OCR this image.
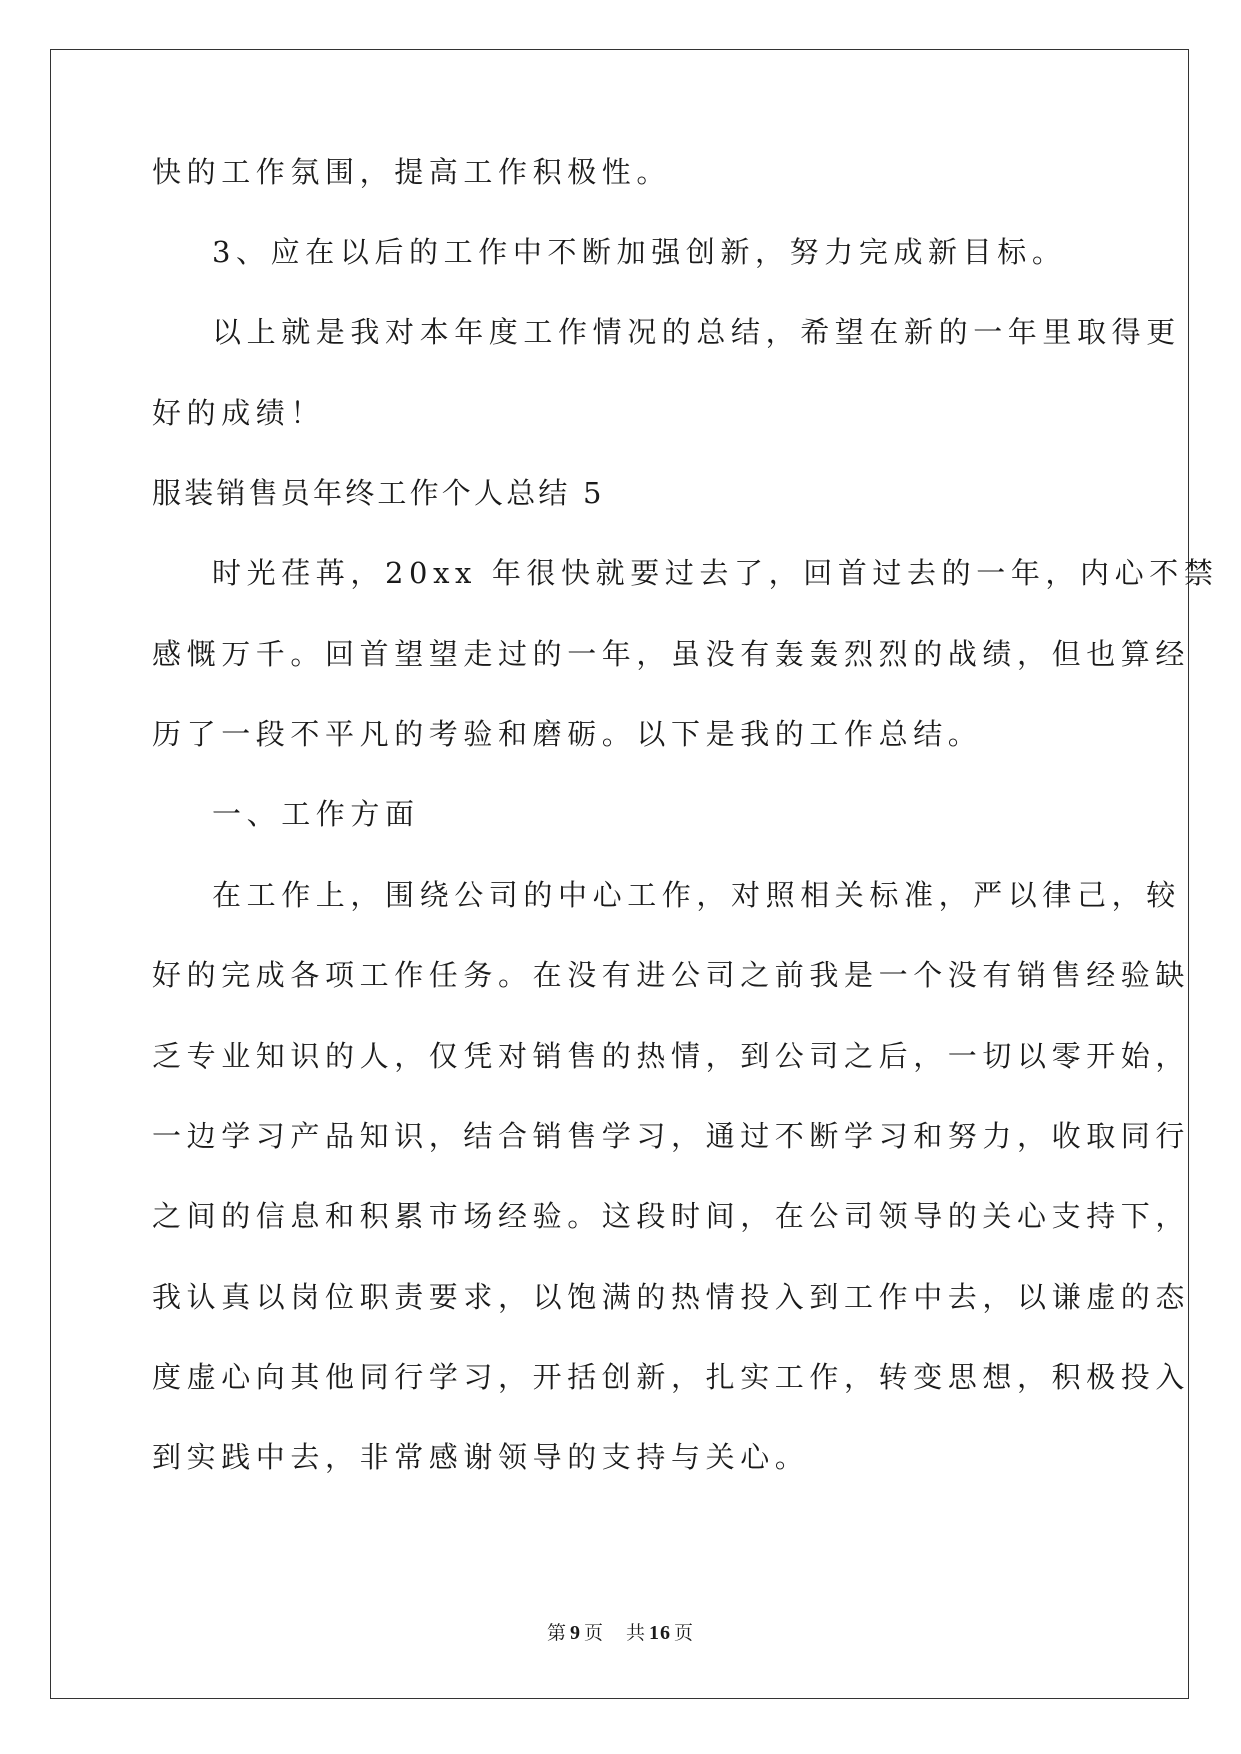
快的工作氛围，提高工作积极性。
3、应在以后的工作中不断加强创新，努力完成新目标。
以上就是我对本年度工作情况的总结，希望在新的一年里取得更
好的成绩！
服装销售员年终工作个人总结 5
时光荏苒，20xx 年很快就要过去了，回首过去的一年，内心不禁
感慨万千。回首望望走过的一年，虽没有轰轰烈烈的战绩，但也算经
历了一段不平凡的考验和磨砺。以下是我的工作总结。
一、工作方面
在工作上，围绕公司的中心工作，对照相关标准，严以律己，较
好的完成各项工作任务。在没有进公司之前我是一个没有销售经验缺
乏专业知识的人，仅凭对销售的热情，到公司之后，一切以零开始，
一边学习产品知识，结合销售学习，通过不断学习和努力，收取同行
之间的信息和积累市场经验。这段时间，在公司领导的关心支持下，
我认真以岗位职责要求，以饱满的热情投入到工作中去，以谦虚的态
度虚心向其他同行学习，开括创新，扎实工作，转变思想，积极投入
到实践中去，非常感谢领导的支持与关心。
第 9 页 共 16 页
